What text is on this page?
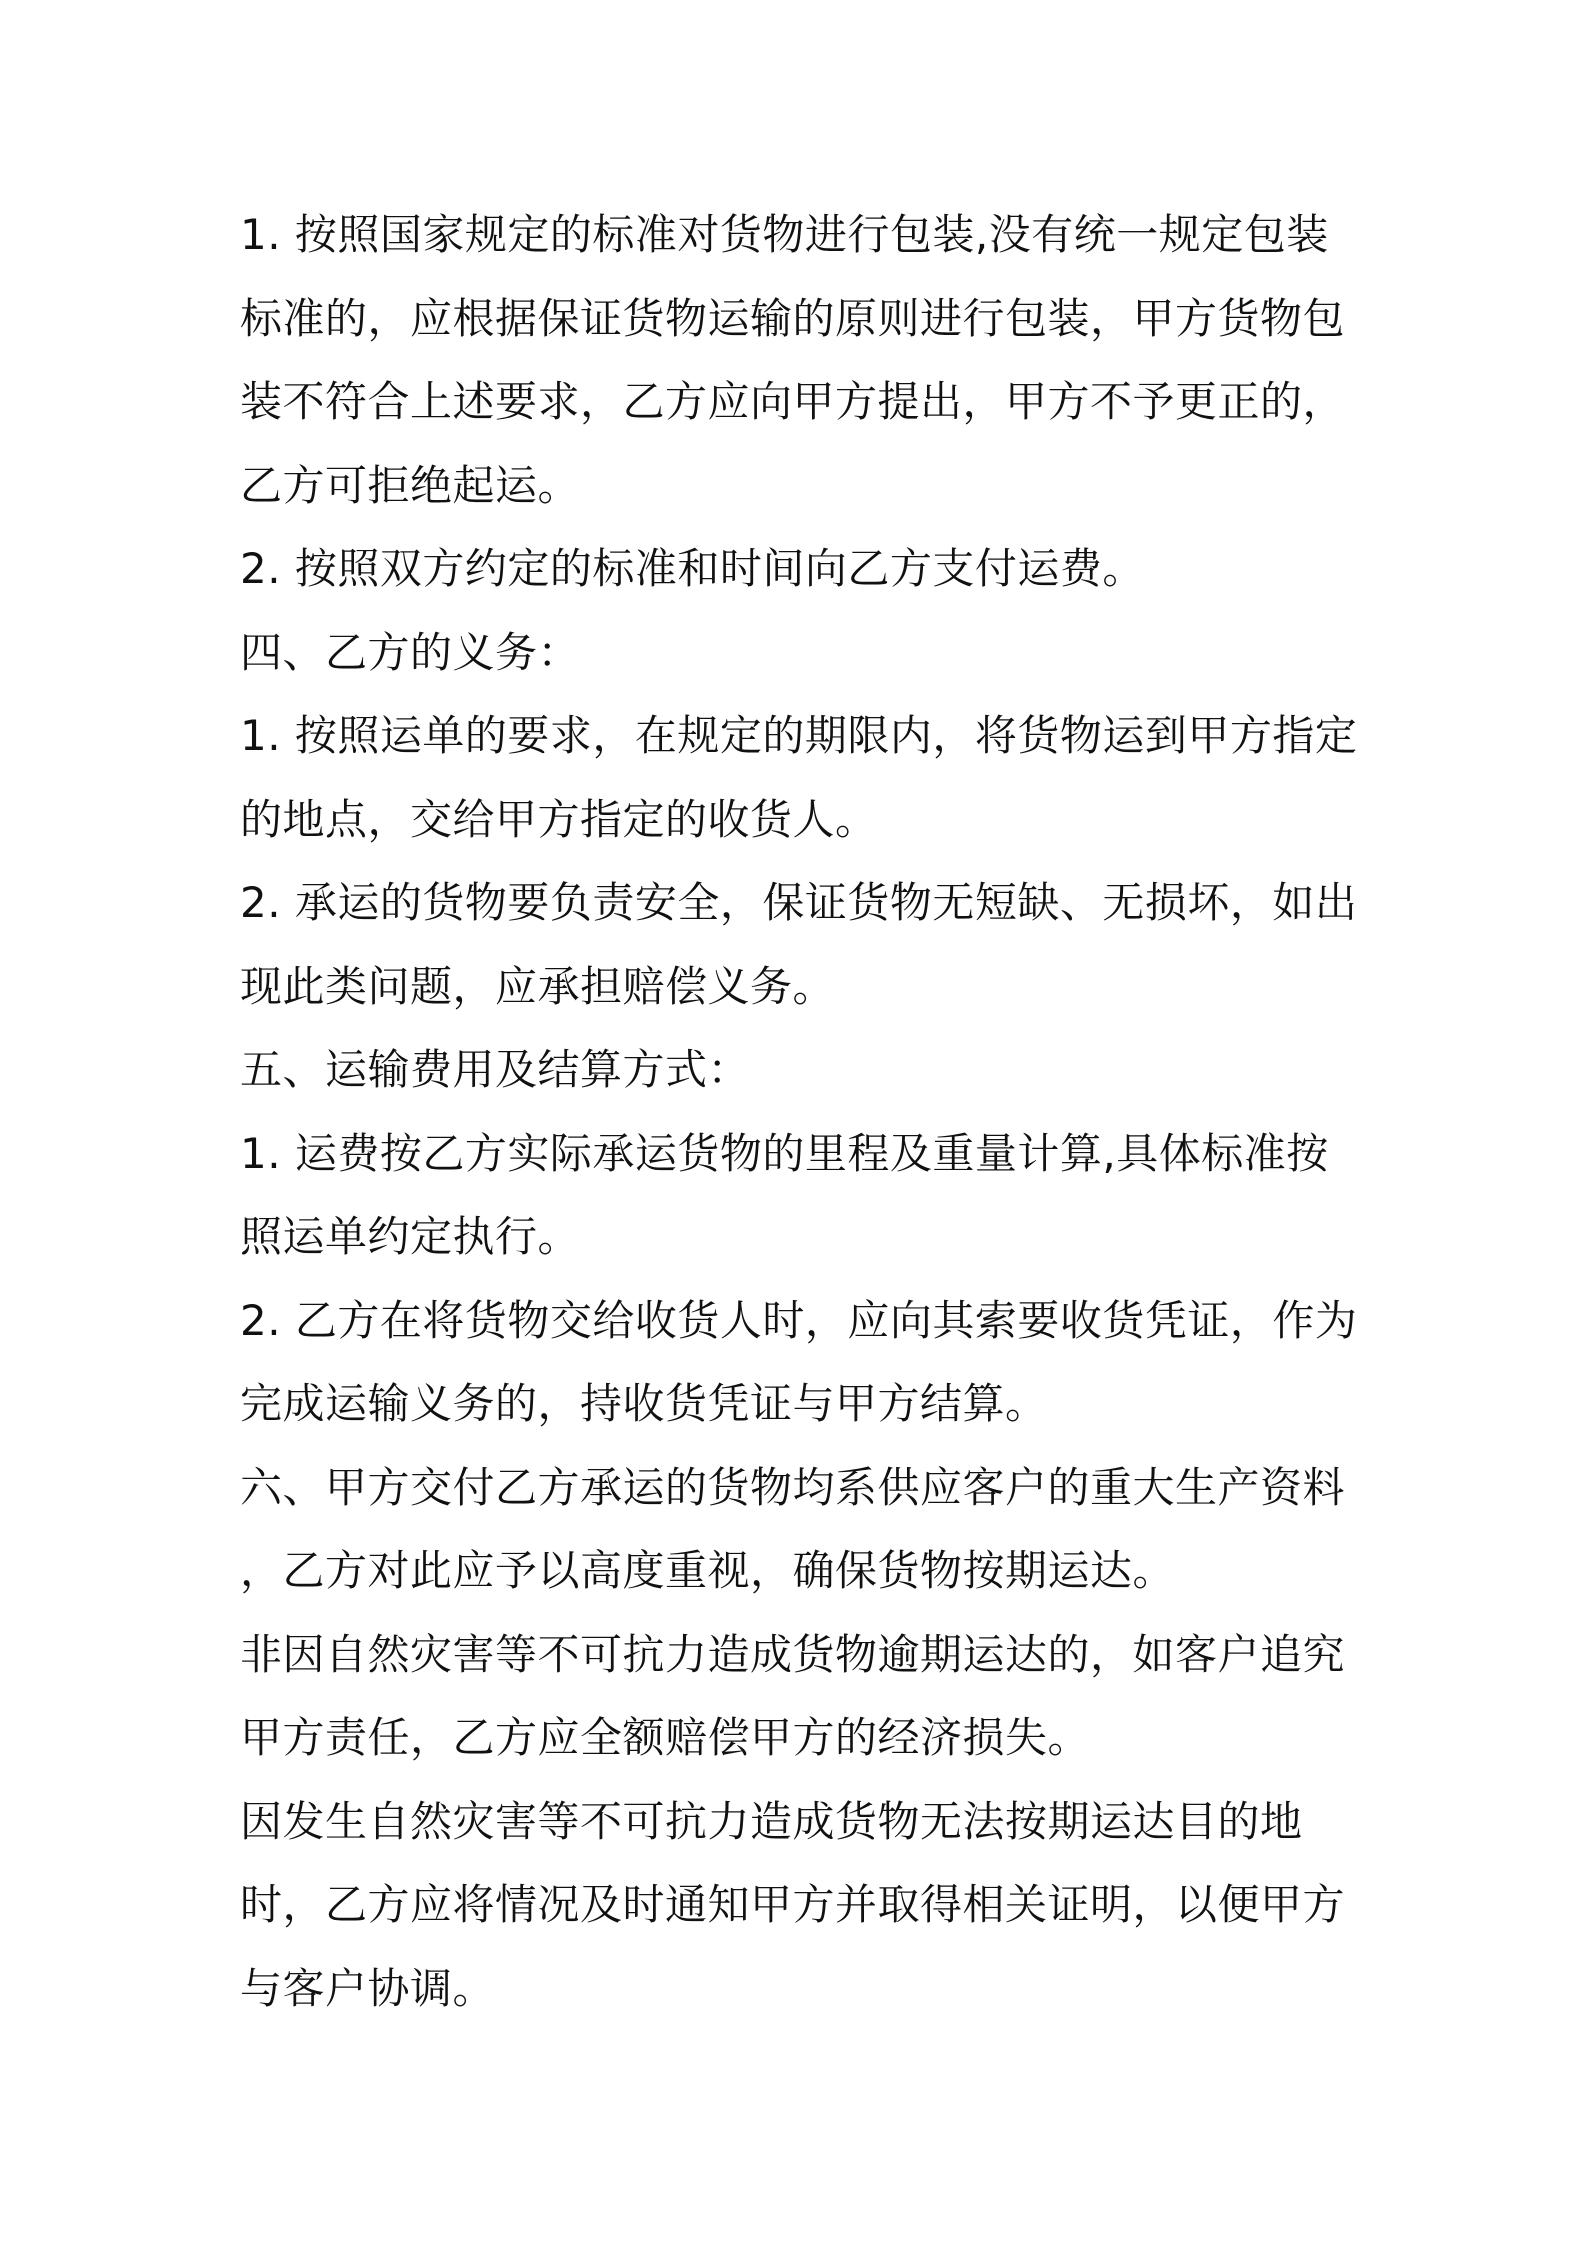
1. 按照国家规定的标准对货物进行包装,没有统一规定包装
标准的，应根据保证货物运输的原则进行包装，甲方货物包
装不符合上述要求，乙方应向甲方提出，甲方不予更正的，
乙方可拒绝起运。
2. 按照双方约定的标准和时间向乙方支付运费。
四、乙方的义务：
1. 按照运单的要求，在规定的期限内，将货物运到甲方指定
的地点，交给甲方指定的收货人。
2. 承运的货物要负责安全，保证货物无短缺、无损坏，如出
现此类问题，应承担赔偿义务。
五、运输费用及结算方式：
1. 运费按乙方实际承运货物的里程及重量计算,具体标准按
照运单约定执行。
2. 乙方在将货物交给收货人时，应向其索要收货凭证，作为
完成运输义务的，持收货凭证与甲方结算。
六、甲方交付乙方承运的货物均系供应客户的重大生产资料
，乙方对此应予以高度重视，确保货物按期运达。
非因自然灾害等不可抗力造成货物逾期运达的，如客户追究
甲方责任，乙方应全额赔偿甲方的经济损失。
因发生自然灾害等不可抗力造成货物无法按期运达目的地
时，乙方应将情况及时通知甲方并取得相关证明，以便甲方
与客户协调。
